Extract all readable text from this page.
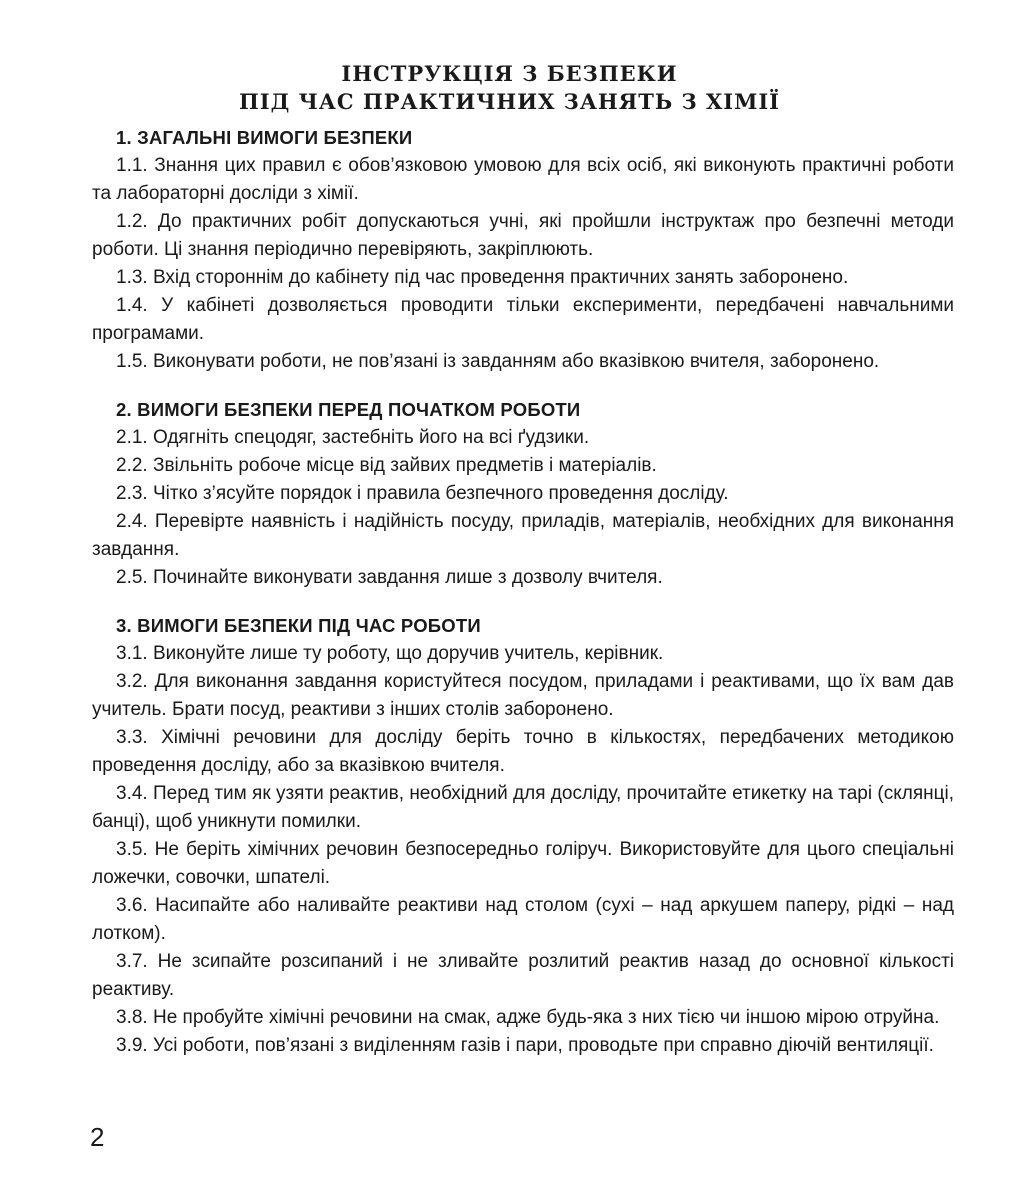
ІНСТРУКЦІЯ З БЕЗПЕКИ
ПІД ЧАС ПРАКТИЧНИХ ЗАНЯТЬ З ХІМІЇ

1. ЗАГАЛЬНІ ВИМОГИ БЕЗПЕКИ

1.1. Знання цих правил є обов’язковою умовою для всіх осіб, які виконують практичні роботи та лабораторні досліди з хімії.

1.2. До практичних робіт допускаються учні, які пройшли інструктаж про безпечні методи роботи. Ці знання періодично перевіряють, закріплюють.

1.3. Вхід стороннім до кабінету під час проведення практичних занять заборонено.

1.4. У кабінеті дозволяється проводити тільки експерименти, передбачені навчальними програмами.

1.5. Виконувати роботи, не пов’язані із завданням або вказівкою вчителя, заборонено.

2. ВИМОГИ БЕЗПЕКИ ПЕРЕД ПОЧАТКОМ РОБОТИ

2.1. Одягніть спецодяг, застебніть його на всі ґудзики.

2.2. Звільніть робоче місце від зайвих предметів і матеріалів.

2.3. Чітко з’ясуйте порядок і правила безпечного проведення досліду.

2.4. Перевірте наявність і надійність посуду, приладів, матеріалів, необхідних для виконання завдання.

2.5. Починайте виконувати завдання лише з дозволу вчителя.

3. ВИМОГИ БЕЗПЕКИ ПІД ЧАС РОБОТИ

3.1. Виконуйте лише ту роботу, що доручив учитель, керівник.

3.2. Для виконання завдання користуйтеся посудом, приладами і реактивами, що їх вам дав учитель. Брати посуд, реактиви з інших столів заборонено.

3.3. Хімічні речовини для досліду беріть точно в кількостях, передбачених методикою проведення досліду, або за вказівкою вчителя.

3.4. Перед тим як узяти реактив, необхідний для досліду, прочитайте етикетку на тарі (склянці, банці), щоб уникнути помилки.

3.5. Не беріть хімічних речовин безпосередньо голіруч. Використовуйте для цього спеціальні ложечки, совочки, шпателі.

3.6. Насипайте або наливайте реактиви над столом (сухі – над аркушем паперу, рідкі – над лотком).

3.7. Не зсипайте розсипаний і не зливайте розлитий реактив назад до основної кількості реактиву.

3.8. Не пробуйте хімічні речовини на смак, адже будь-яка з них тією чи іншою мірою отруйна.

3.9. Усі роботи, пов’язані з виділенням газів і пари, проводьте при справно діючій вентиляції.

2
